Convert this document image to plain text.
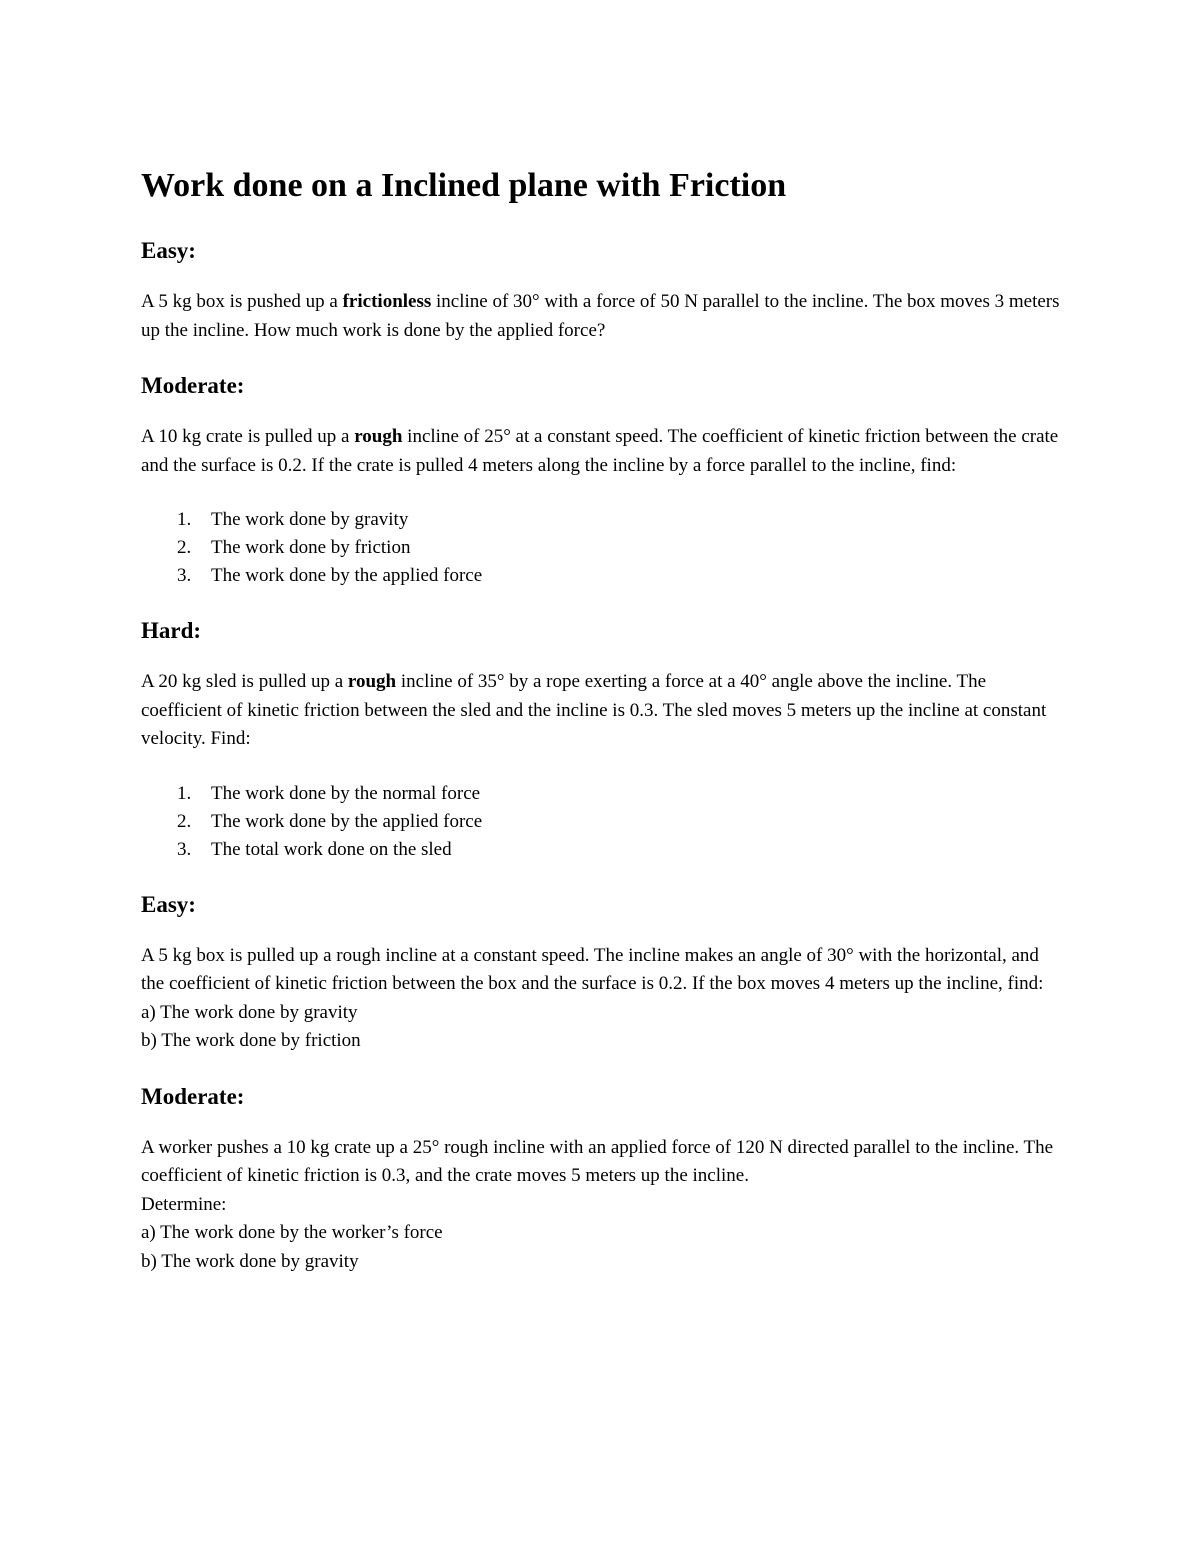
Work done on a Inclined plane with Friction
Easy:

A 5 kg box is pushed up a frictionless incline of 30° with a force of 50 N parallel to the incline. The box moves 3 meters up the incline. How much work is done by the applied force?

Moderate:

A 10 kg crate is pulled up a rough incline of 25° at a constant speed. The coefficient of kinetic friction between the crate and the surface is 0.2. If the crate is pulled 4 meters along the incline by a force parallel to the incline, find:

1. The work done by gravity
2. The work done by friction
3. The work done by the applied force
Hard:

A 20 kg sled is pulled up a rough incline of 35° by a rope exerting a force at a 40° angle above the incline. The coefficient of kinetic friction between the sled and the incline is 0.3. The sled moves 5 meters up the incline at constant velocity. Find:

1. The work done by the normal force
2. The work done by the applied force
3. The total work done on the sled
Easy:

A 5 kg box is pulled up a rough incline at a constant speed. The incline makes an angle of 30° with the horizontal, and the coefficient of kinetic friction between the box and the surface is 0.2. If the box moves 4 meters up the incline, find:
a) The work done by gravity
b) The work done by friction

Moderate:

A worker pushes a 10 kg crate up a 25° rough incline with an applied force of 120 N directed parallel to the incline. The coefficient of kinetic friction is 0.3, and the crate moves 5 meters up the incline.
Determine:
a) The work done by the worker’s force
b) The work done by gravity
